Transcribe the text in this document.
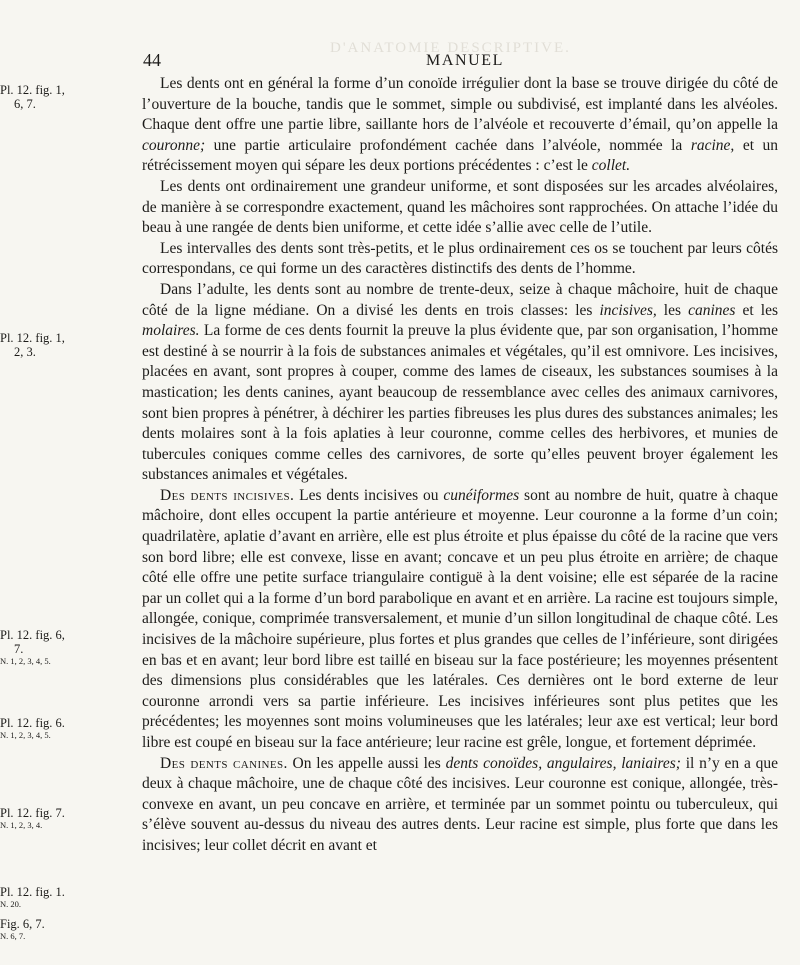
D'ANATOMIE DESCRIPTIVE.
44	MANUEL
Pl. 12. fig. 1,
6, 7.
Pl. 12. fig. 1,
2, 3.
Pl. 12. fig. 6,
7.
N. 1, 2, 3, 4, 5.
Pl. 12. fig. 6.
N. 1, 2, 3, 4, 5.
Pl. 12. fig. 7.
N. 1, 2, 3, 4.
Pl. 12. fig. 1.
N. 20.
Fig. 6, 7.
N. 6, 7.

Les dents ont en général la forme d’un conoïde irrégulier dont la base se trouve dirigée du côté de l’ouverture de la bouche, tandis que le sommet, simple ou subdivisé, est implanté dans les alvéoles. Chaque dent offre une partie libre, saillante hors de l’alvéole et recouverte d’émail, qu’on appelle la couronne; une partie articulaire profondément cachée dans l’alvéole, nommée la racine, et un rétrécissement moyen qui sépare les deux portions précédentes : c’est le collet.

Les dents ont ordinairement une grandeur uniforme, et sont disposées sur les arcades alvéolaires, de manière à se correspondre exactement, quand les mâchoires sont rapprochées. On attache l’idée du beau à une rangée de dents bien uniforme, et cette idée s’allie avec celle de l’utile.

Les intervalles des dents sont très-petits, et le plus ordinairement ces os se touchent par leurs côtés correspondans, ce qui forme un des caractères distinctifs des dents de l’homme.

Dans l’adulte, les dents sont au nombre de trente-deux, seize à chaque mâchoire, huit de chaque côté de la ligne médiane. On a divisé les dents en trois classes: les incisives, les canines et les molaires. La forme de ces dents fournit la preuve la plus évidente que, par son organisation, l’homme est destiné à se nourrir à la fois de substances animales et végétales, qu’il est omnivore. Les incisives, placées en avant, sont propres à couper, comme des lames de ciseaux, les substances soumises à la mastication; les dents canines, ayant beaucoup de ressemblance avec celles des animaux carnivores, sont bien propres à pénétrer, à déchirer les parties fibreuses les plus dures des substances animales; les dents molaires sont à la fois aplaties à leur couronne, comme celles des herbivores, et munies de tubercules coniques comme celles des carnivores, de sorte qu’elles peuvent broyer également les substances animales et végétales.

Des dents incisives. Les dents incisives ou cunéiformes sont au nombre de huit, quatre à chaque mâchoire, dont elles occupent la partie antérieure et moyenne. Leur couronne a la forme d’un coin; quadrilatère, aplatie d’avant en arrière, elle est plus étroite et plus épaisse du côté de la racine que vers son bord libre; elle est convexe, lisse en avant; concave et un peu plus étroite en arrière; de chaque côté elle offre une petite surface triangulaire contiguë à la dent voisine; elle est séparée de la racine par un collet qui a la forme d’un bord parabolique en avant et en arrière. La racine est toujours simple, allongée, conique, comprimée transversalement, et munie d’un sillon longitudinal de chaque côté. Les incisives de la mâchoire supérieure, plus fortes et plus grandes que celles de l’inférieure, sont dirigées en bas et en avant; leur bord libre est taillé en biseau sur la face postérieure; les moyennes présentent des dimensions plus considérables que les latérales. Ces dernières ont le bord externe de leur couronne arrondi vers sa partie inférieure. Les incisives inférieures sont plus petites que les précédentes; les moyennes sont moins volumineuses que les latérales; leur axe est vertical; leur bord libre est coupé en biseau sur la face antérieure; leur racine est grêle, longue, et fortement déprimée.

Des dents canines. On les appelle aussi les dents conoïdes, angulaires, laniaires; il n’y en a que deux à chaque mâchoire, une de chaque côté des incisives. Leur couronne est conique, allongée, très-convexe en avant, un peu concave en arrière, et terminée par un sommet pointu ou tuberculeux, qui s’élève souvent au-dessus du niveau des autres dents. Leur racine est simple, plus forte que dans les incisives; leur collet décrit en avant et
